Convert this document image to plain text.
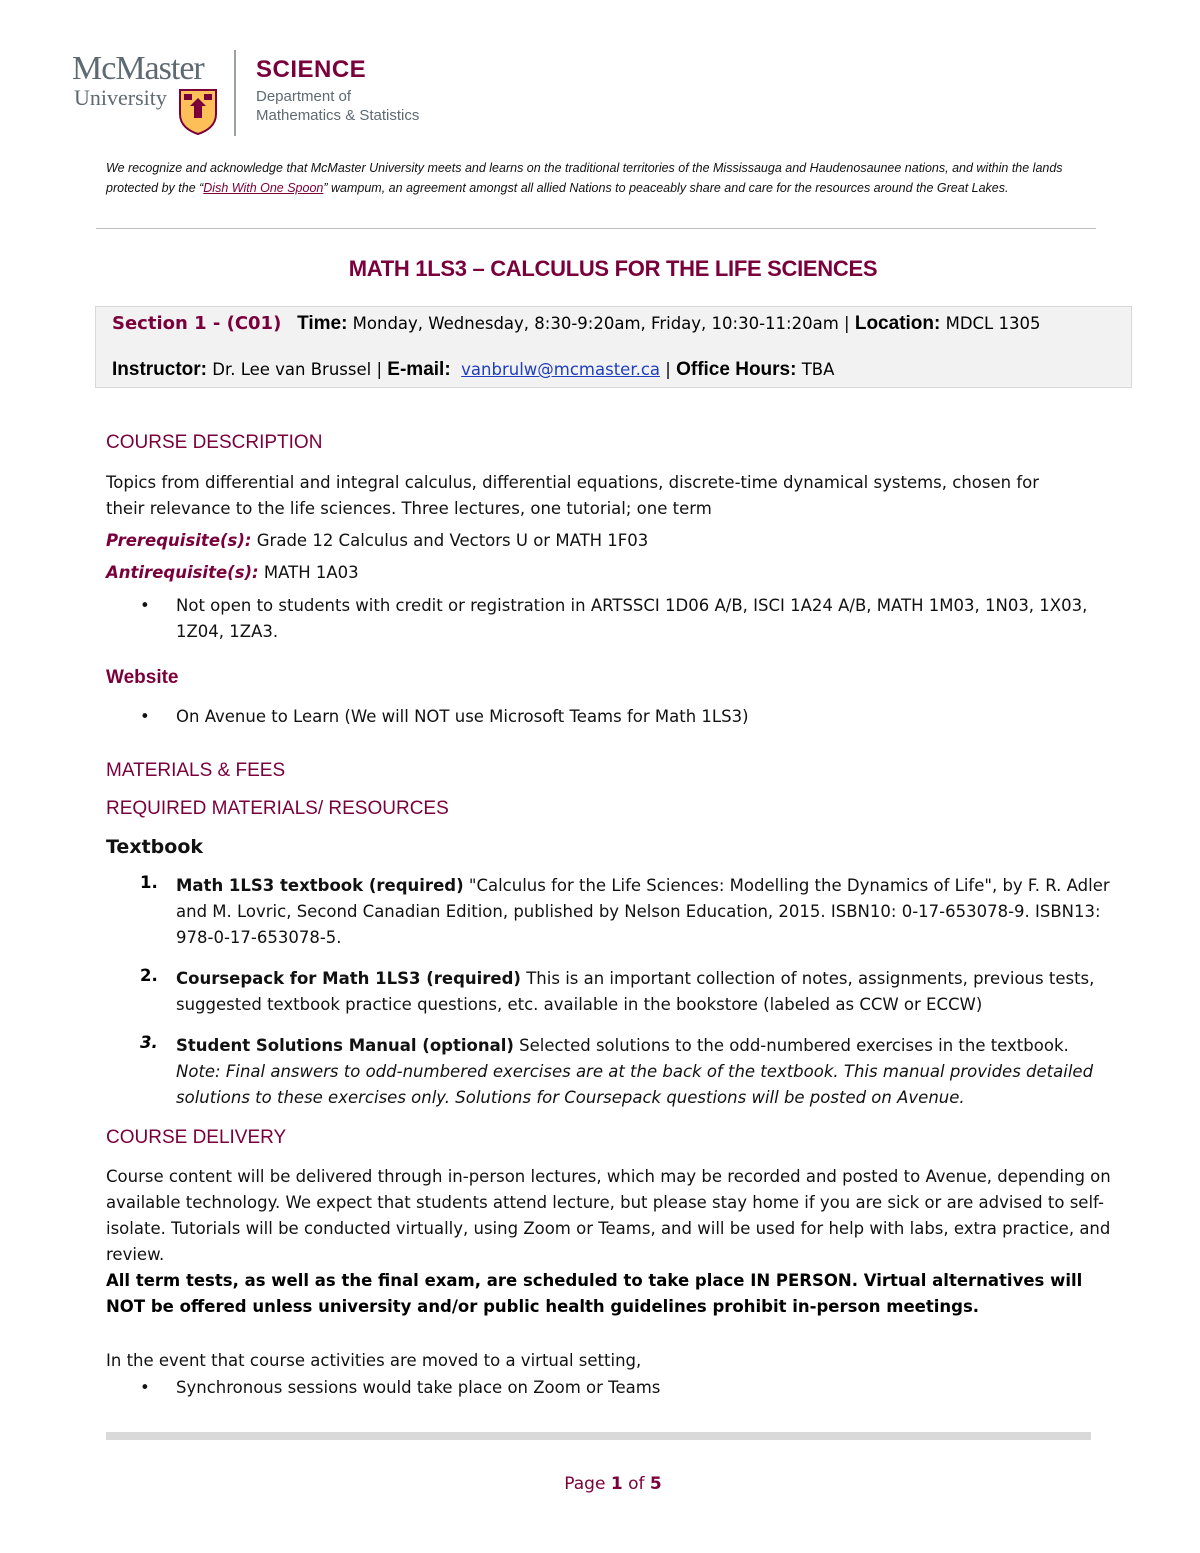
McMaster
University
SCIENCE
Department of
Mathematics & Statistics
We recognize and acknowledge that McMaster University meets and learns on the traditional territories of the Mississauga and Haudenosaunee nations, and within the lands protected by the “Dish With One Spoon” wampum, an agreement amongst all allied Nations to peaceably share and care for the resources around the Great Lakes.
MATH 1LS3 – CALCULUS FOR THE LIFE SCIENCES
Section 1 - (C01) Time: Monday, Wednesday, 8:30-9:20am, Friday, 10:30-11:20am | Location: MDCL 1305
Instructor: Dr. Lee van Brussel | E-mail: vanbrulw@mcmaster.ca | Office Hours: TBA
COURSE DESCRIPTION
Topics from differential and integral calculus, differential equations, discrete-time dynamical systems, chosen for
their relevance to the life sciences. Three lectures, one tutorial; one term
Prerequisite(s): Grade 12 Calculus and Vectors U or MATH 1F03
Antirequisite(s): MATH 1A03
• Not open to students with credit or registration in ARTSSCI 1D06 A/B, ISCI 1A24 A/B, MATH 1M03, 1N03, 1X03, 1Z04, 1ZA3.
Website
• On Avenue to Learn (We will NOT use Microsoft Teams for Math 1LS3)
MATERIALS & FEES
REQUIRED MATERIALS/ RESOURCES
Textbook
1. Math 1LS3 textbook (required) "Calculus for the Life Sciences: Modelling the Dynamics of Life", by F. R. Adler and M. Lovric, Second Canadian Edition, published by Nelson Education, 2015. ISBN10: 0-17-653078-9. ISBN13: 978-0-17-653078-5.
2. Coursepack for Math 1LS3 (required) This is an important collection of notes, assignments, previous tests, suggested textbook practice questions, etc. available in the bookstore (labeled as CCW or ECCW)
3. Student Solutions Manual (optional) Selected solutions to the odd-numbered exercises in the textbook.
Note: Final answers to odd-numbered exercises are at the back of the textbook. This manual provides detailed solutions to these exercises only. Solutions for Coursepack questions will be posted on Avenue.
COURSE DELIVERY
Course content will be delivered through in-person lectures, which may be recorded and posted to Avenue, depending on available technology. We expect that students attend lecture, but please stay home if you are sick or are advised to self-isolate. Tutorials will be conducted virtually, using Zoom or Teams, and will be used for help with labs, extra practice, and review.
All term tests, as well as the final exam, are scheduled to take place IN PERSON. Virtual alternatives will NOT be offered unless university and/or public health guidelines prohibit in-person meetings.
In the event that course activities are moved to a virtual setting,
• Synchronous sessions would take place on Zoom or Teams
Page 1 of 5
